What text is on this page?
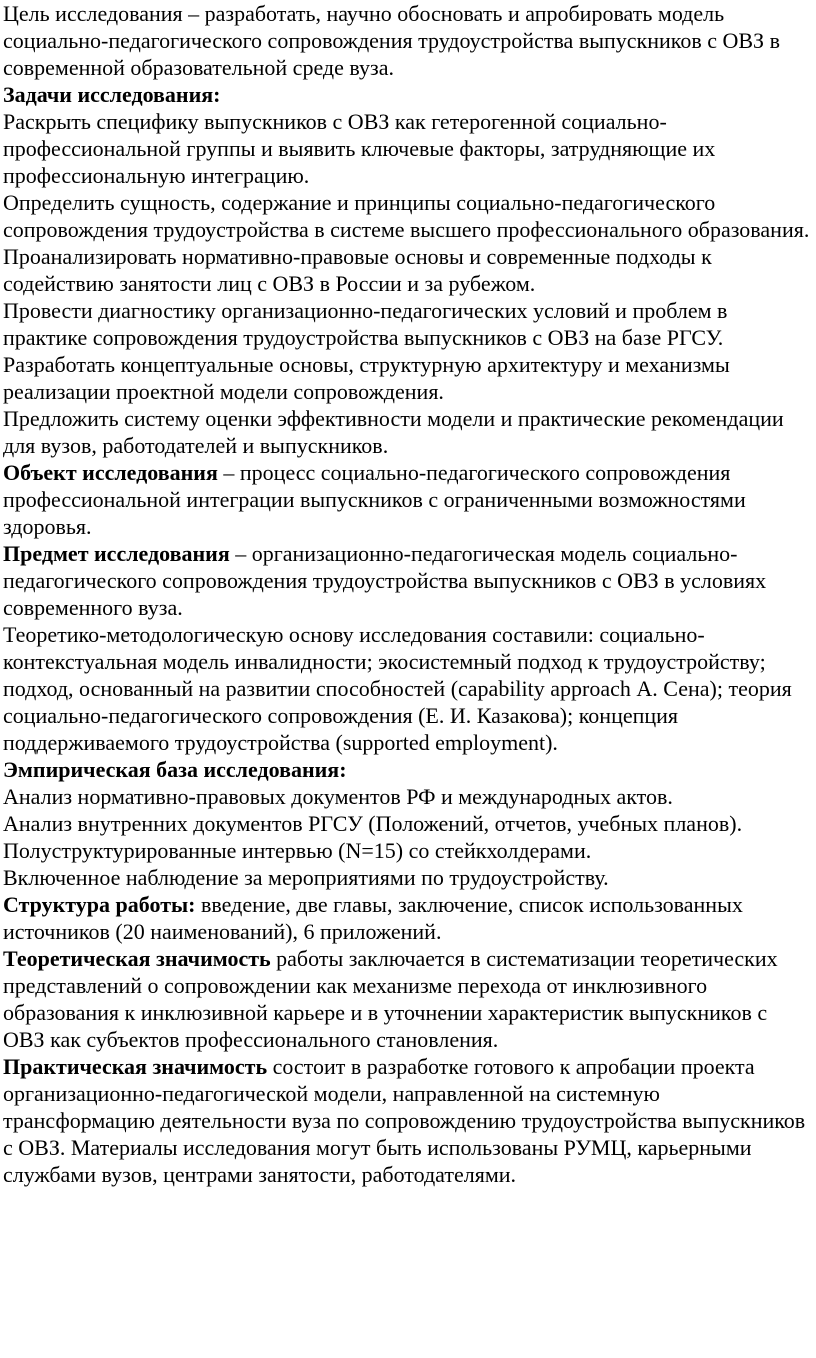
Цель исследования – разработать, научно обосновать и апробировать модель социально-педагогического сопровождения трудоустройства выпускников с ОВЗ в современной образовательной среде вуза.

Задачи исследования:

Раскрыть специфику выпускников с ОВЗ как гетерогенной социально-профессиональной группы и выявить ключевые факторы, затрудняющие их профессиональную интеграцию.

Определить сущность, содержание и принципы социально-педагогического сопровождения трудоустройства в системе высшего профессионального образования.

Проанализировать нормативно-правовые основы и современные подходы к содействию занятости лиц с ОВЗ в России и за рубежом.

Провести диагностику организационно-педагогических условий и проблем в практике сопровождения трудоустройства выпускников с ОВЗ на базе РГСУ.

Разработать концептуальные основы, структурную архитектуру и механизмы реализации проектной модели сопровождения.

Предложить систему оценки эффективности модели и практические рекомендации для вузов, работодателей и выпускников.

Объект исследования – процесс социально-педагогического сопровождения профессиональной интеграции выпускников с ограниченными возможностями здоровья.

Предмет исследования – организационно-педагогическая модель социально-педагогического сопровождения трудоустройства выпускников с ОВЗ в условиях современного вуза.

Теоретико-методологическую основу исследования составили: социально-контекстуальная модель инвалидности; экосистемный подход к трудоустройству; подход, основанный на развитии способностей (capability approach А. Сена); теория социально-педагогического сопровождения (Е. И. Казакова); концепция поддерживаемого трудоустройства (supported employment).

Эмпирическая база исследования:

Анализ нормативно-правовых документов РФ и международных актов.

Анализ внутренних документов РГСУ (Положений, отчетов, учебных планов).

Полуструктурированные интервью (N=15) со стейкхолдерами.

Включенное наблюдение за мероприятиями по трудоустройству.

Структура работы: введение, две главы, заключение, список использованных источников (20 наименований), 6 приложений.

Теоретическая значимость работы заключается в систематизации теоретических представлений о сопровождении как механизме перехода от инклюзивного образования к инклюзивной карьере и в уточнении характеристик выпускников с ОВЗ как субъектов профессионального становления.

Практическая значимость состоит в разработке готового к апробации проекта организационно-педагогической модели, направленной на системную трансформацию деятельности вуза по сопровождению трудоустройства выпускников с ОВЗ. Материалы исследования могут быть использованы РУМЦ, карьерными службами вузов, центрами занятости, работодателями.
